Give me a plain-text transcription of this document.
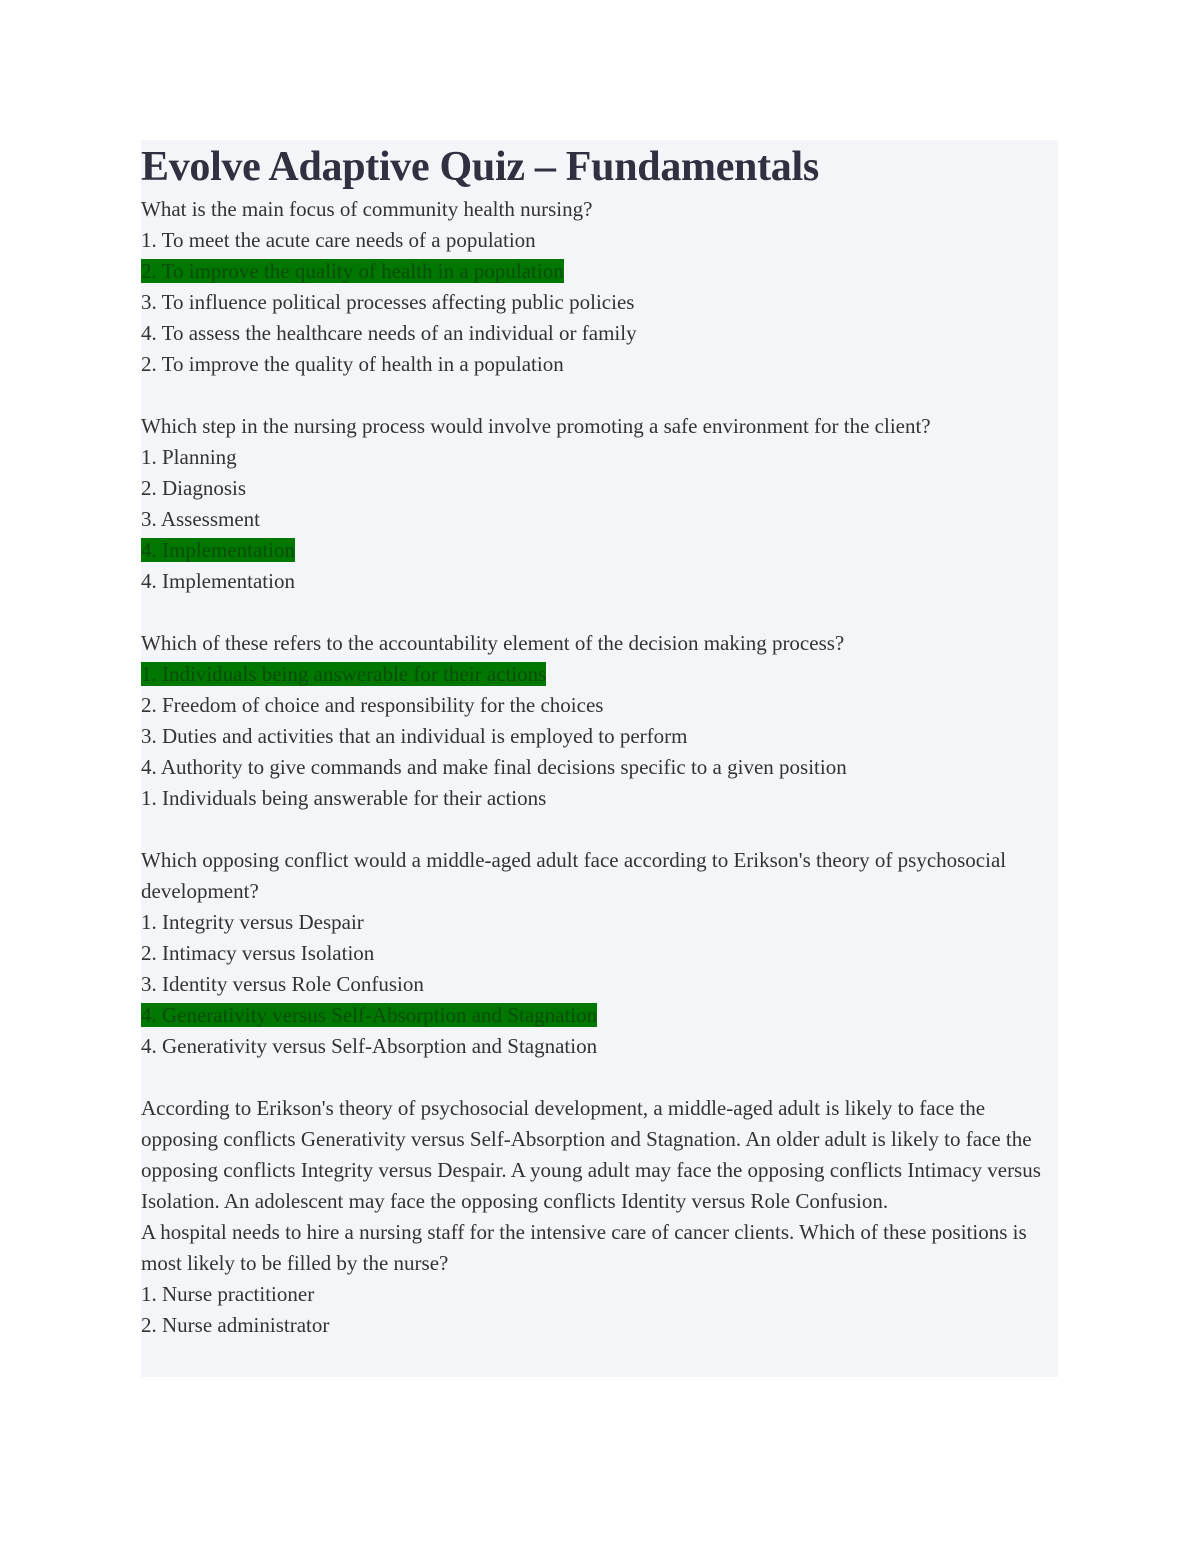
Evolve Adaptive Quiz – Fundamentals

What is the main focus of community health nursing?

1. To meet the acute care needs of a population

2. To improve the quality of health in a population

3. To influence political processes affecting public policies

4. To assess the healthcare needs of an individual or family

2. To improve the quality of health in a population

Which step in the nursing process would involve promoting a safe environment for the client?

1. Planning

2. Diagnosis

3. Assessment

4. Implementation

4. Implementation

Which of these refers to the accountability element of the decision making process?

1. Individuals being answerable for their actions

2. Freedom of choice and responsibility for the choices

3. Duties and activities that an individual is employed to perform

4. Authority to give commands and make final decisions specific to a given position

1. Individuals being answerable for their actions

Which opposing conflict would a middle-aged adult face according to Erikson's theory of psychosocial development?

1. Integrity versus Despair

2. Intimacy versus Isolation

3. Identity versus Role Confusion

4. Generativity versus Self-Absorption and Stagnation

4. Generativity versus Self-Absorption and Stagnation

According to Erikson's theory of psychosocial development, a middle-aged adult is likely to face the opposing conflicts Generativity versus Self-Absorption and Stagnation. An older adult is likely to face the opposing conflicts Integrity versus Despair. A young adult may face the opposing conflicts Intimacy versus Isolation. An adolescent may face the opposing conflicts Identity versus Role Confusion.

A hospital needs to hire a nursing staff for the intensive care of cancer clients. Which of these positions is most likely to be filled by the nurse?

1. Nurse practitioner

2. Nurse administrator
